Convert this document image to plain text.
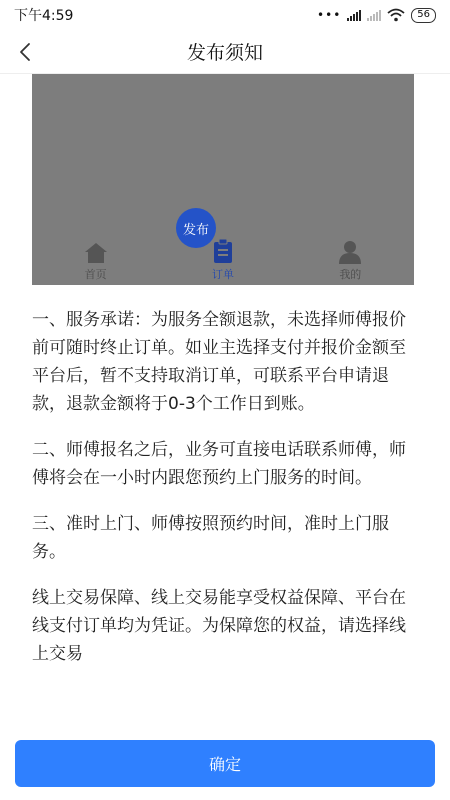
下午4:59	•••	56
发布须知
发布
首页	订单	我的

一、服务承诺：为服务全额退款，未选择师傅报价前可随时终止订单。如业主选择支付并报价金额至平台后，暂不支持取消订单，可联系平台申请退款，退款金额将于0-3个工作日到账。

二、师傅报名之后，业务可直接电话联系师傅，师傅将会在一小时内跟您预约上门服务的时间。

三、准时上门、师傅按照预约时间，准时上门服务。

线上交易保障、线上交易能享受权益保障、平台在线支付订单均为凭证。为保障您的权益，请选择线上交易

确定
